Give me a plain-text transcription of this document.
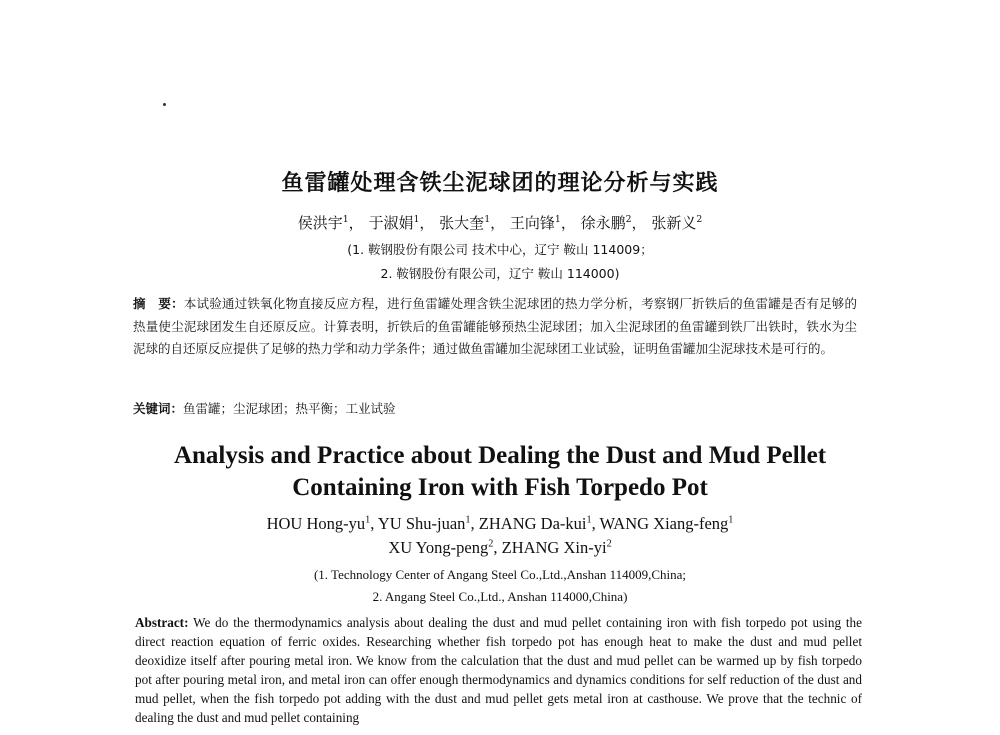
鱼雷罐处理含铁尘泥球团的理论分析与实践
侯洪宇$^1$， 于淑娟$^1$， 张大奎$^1$， 王向锋$^1$， 徐永鹏$^2$， 张新义$^2$
(1. 鞍钢股份有限公司 技术中心，辽宁 鞍山 114009；
2. 鞍钢股份有限公司，辽宁 鞍山 114000)
摘　要：本试验通过铁氧化物直接反应方程，进行鱼雷罐处理含铁尘泥球团的热力学分析，考察钢厂折铁后的鱼雷罐是否有足够的热量使尘泥球团发生自还原反应。计算表明，折铁后的鱼雷罐能够预热尘泥球团；加入尘泥球团的鱼雷罐到铁厂出铁时，铁水为尘泥球的自还原反应提供了足够的热力学和动力学条件；通过做鱼雷罐加尘泥球团工业试验，证明鱼雷罐加尘泥球技术是可行的。
关键词：鱼雷罐；尘泥球团；热平衡；工业试验
Analysis and Practice about Dealing the Dust and Mud Pellet
Containing Iron with Fish Torpedo Pot
HOU Hong-$yu^1$, YU Shu-juan$^1$, ZHANG Da-kui$^1$, WANG Xiang-feng$^1$
XU Yong-peng$^2$, ZHANG Xin-$yi^2$
(1. Technology Center of Angang Steel Co.,Ltd.,Anshan 114009,China;
2. Angang Steel Co.,Ltd., Anshan 114000,China)
Abstract: We do the thermodynamics analysis about dealing the dust and mud pellet containing iron with fish torpedo pot using the direct reaction equation of ferric oxides. Researching whether fish torpedo pot has enough heat to make the dust and mud pellet deoxidize itself after pouring metal iron. We know from the calculation that the dust and mud pellet can be warmed up by fish torpedo pot after pouring metal iron, and metal iron can offer enough thermodynamics and dynamics conditions for self reduction of the dust and mud pellet, when the fish torpedo pot adding with the dust and mud pellet gets metal iron at casthouse. We prove that the technic of dealing the dust and mud pellet containing
